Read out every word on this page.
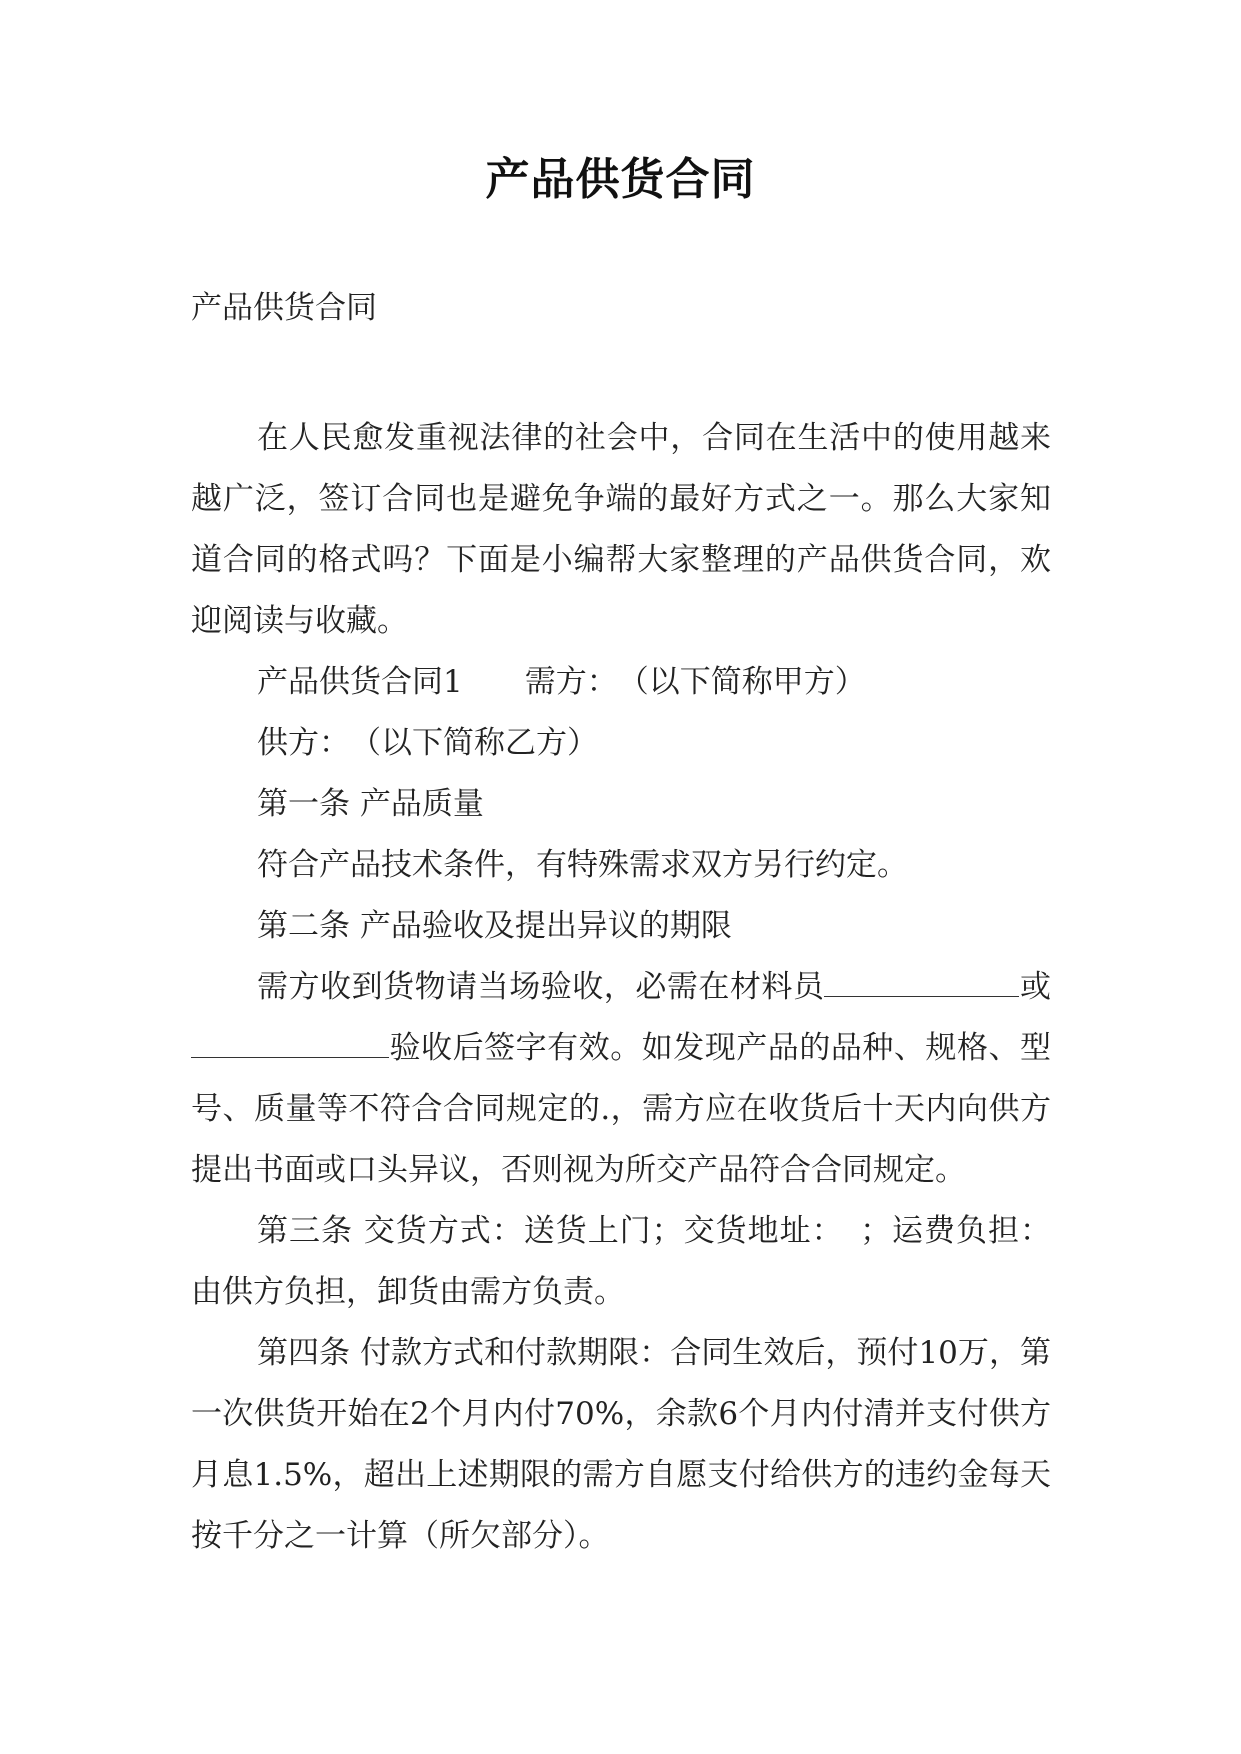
产品供货合同
产品供货合同

在人民愈发重视法律的社会中，合同在生活中的使用越来越广泛，签订合同也是避免争端的最好方式之一。那么大家知道合同的格式吗？下面是小编帮大家整理的产品供货合同，欢迎阅读与收藏。

产品供货合同1 需方：　（以下简称甲方）

供方：　（以下简称乙方）

第一条 产品质量

符合产品技术条件，有特殊需求双方另行约定。

第二条 产品验收及提出异议的期限

需方收到货物请当场验收，必需在材料员	或验收后签字有效。如发现产品的品种、规格、型号、质量等不符合合同规定的.，需方应在收货后十天内向供方提出书面或口头异议，否则视为所交产品符合合同规定。

第三条 交货方式：送货上门；交货地址：　；运费负担：由供方负担，卸货由需方负责。

第四条 付款方式和付款期限：合同生效后，预付10万，第一次供货开始在2个月内付70%，余款6个月内付清并支付供方月息1.5%，超出上述期限的需方自愿支付给供方的违约金每天按千分之一计算（所欠部分）。
